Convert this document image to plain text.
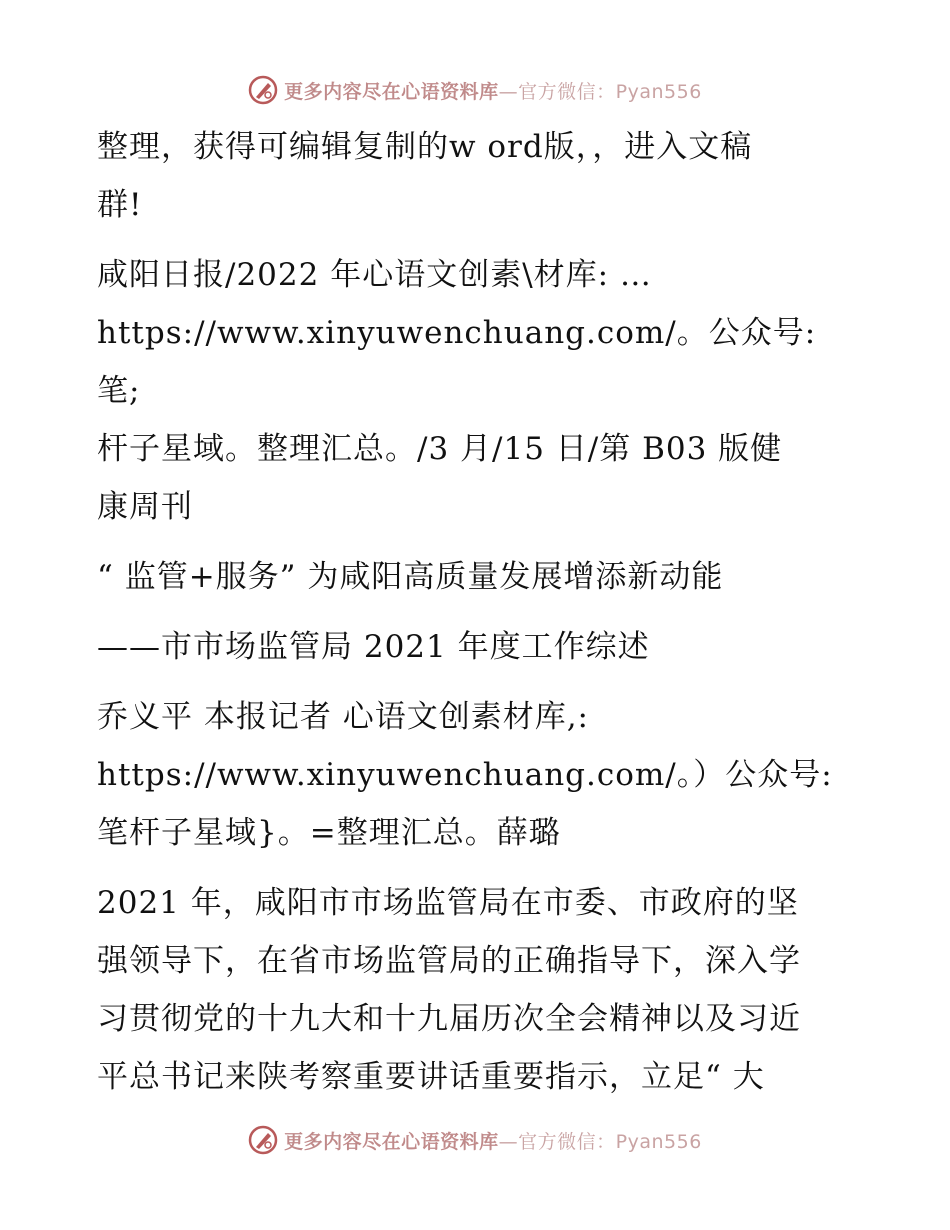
更多内容尽在心语资料库—官方微信：Pyan556

整理，获得可编辑复制的w ord版，，进入文稿

群!

咸阳日报/2022 年心语文创素\材库: …

https://www.xinyuwenchuang.com/。公众号: 笔;

杆子星域。整理汇总。/3 月/15 日/第 B03 版健

康周刊

“ 监管+服务” 为咸阳高质量发展增添新动能

——市市场监管局 2021 年度工作综述

乔义平 本报记者 心语文创素材库,:

https://www.xinyuwenchuang.com/。）公众号:

笔杆子星域}。=整理汇总。薛璐

2021 年，咸阳市市场监管局在市委、市政府的坚

强领导下，在省市场监管局的正确指导下，深入学

习贯彻党的十九大和十九届历次全会精神以及习近

平总书记来陕考察重要讲话重要指示，立足“ 大

更多内容尽在心语资料库—官方微信：Pyan556
